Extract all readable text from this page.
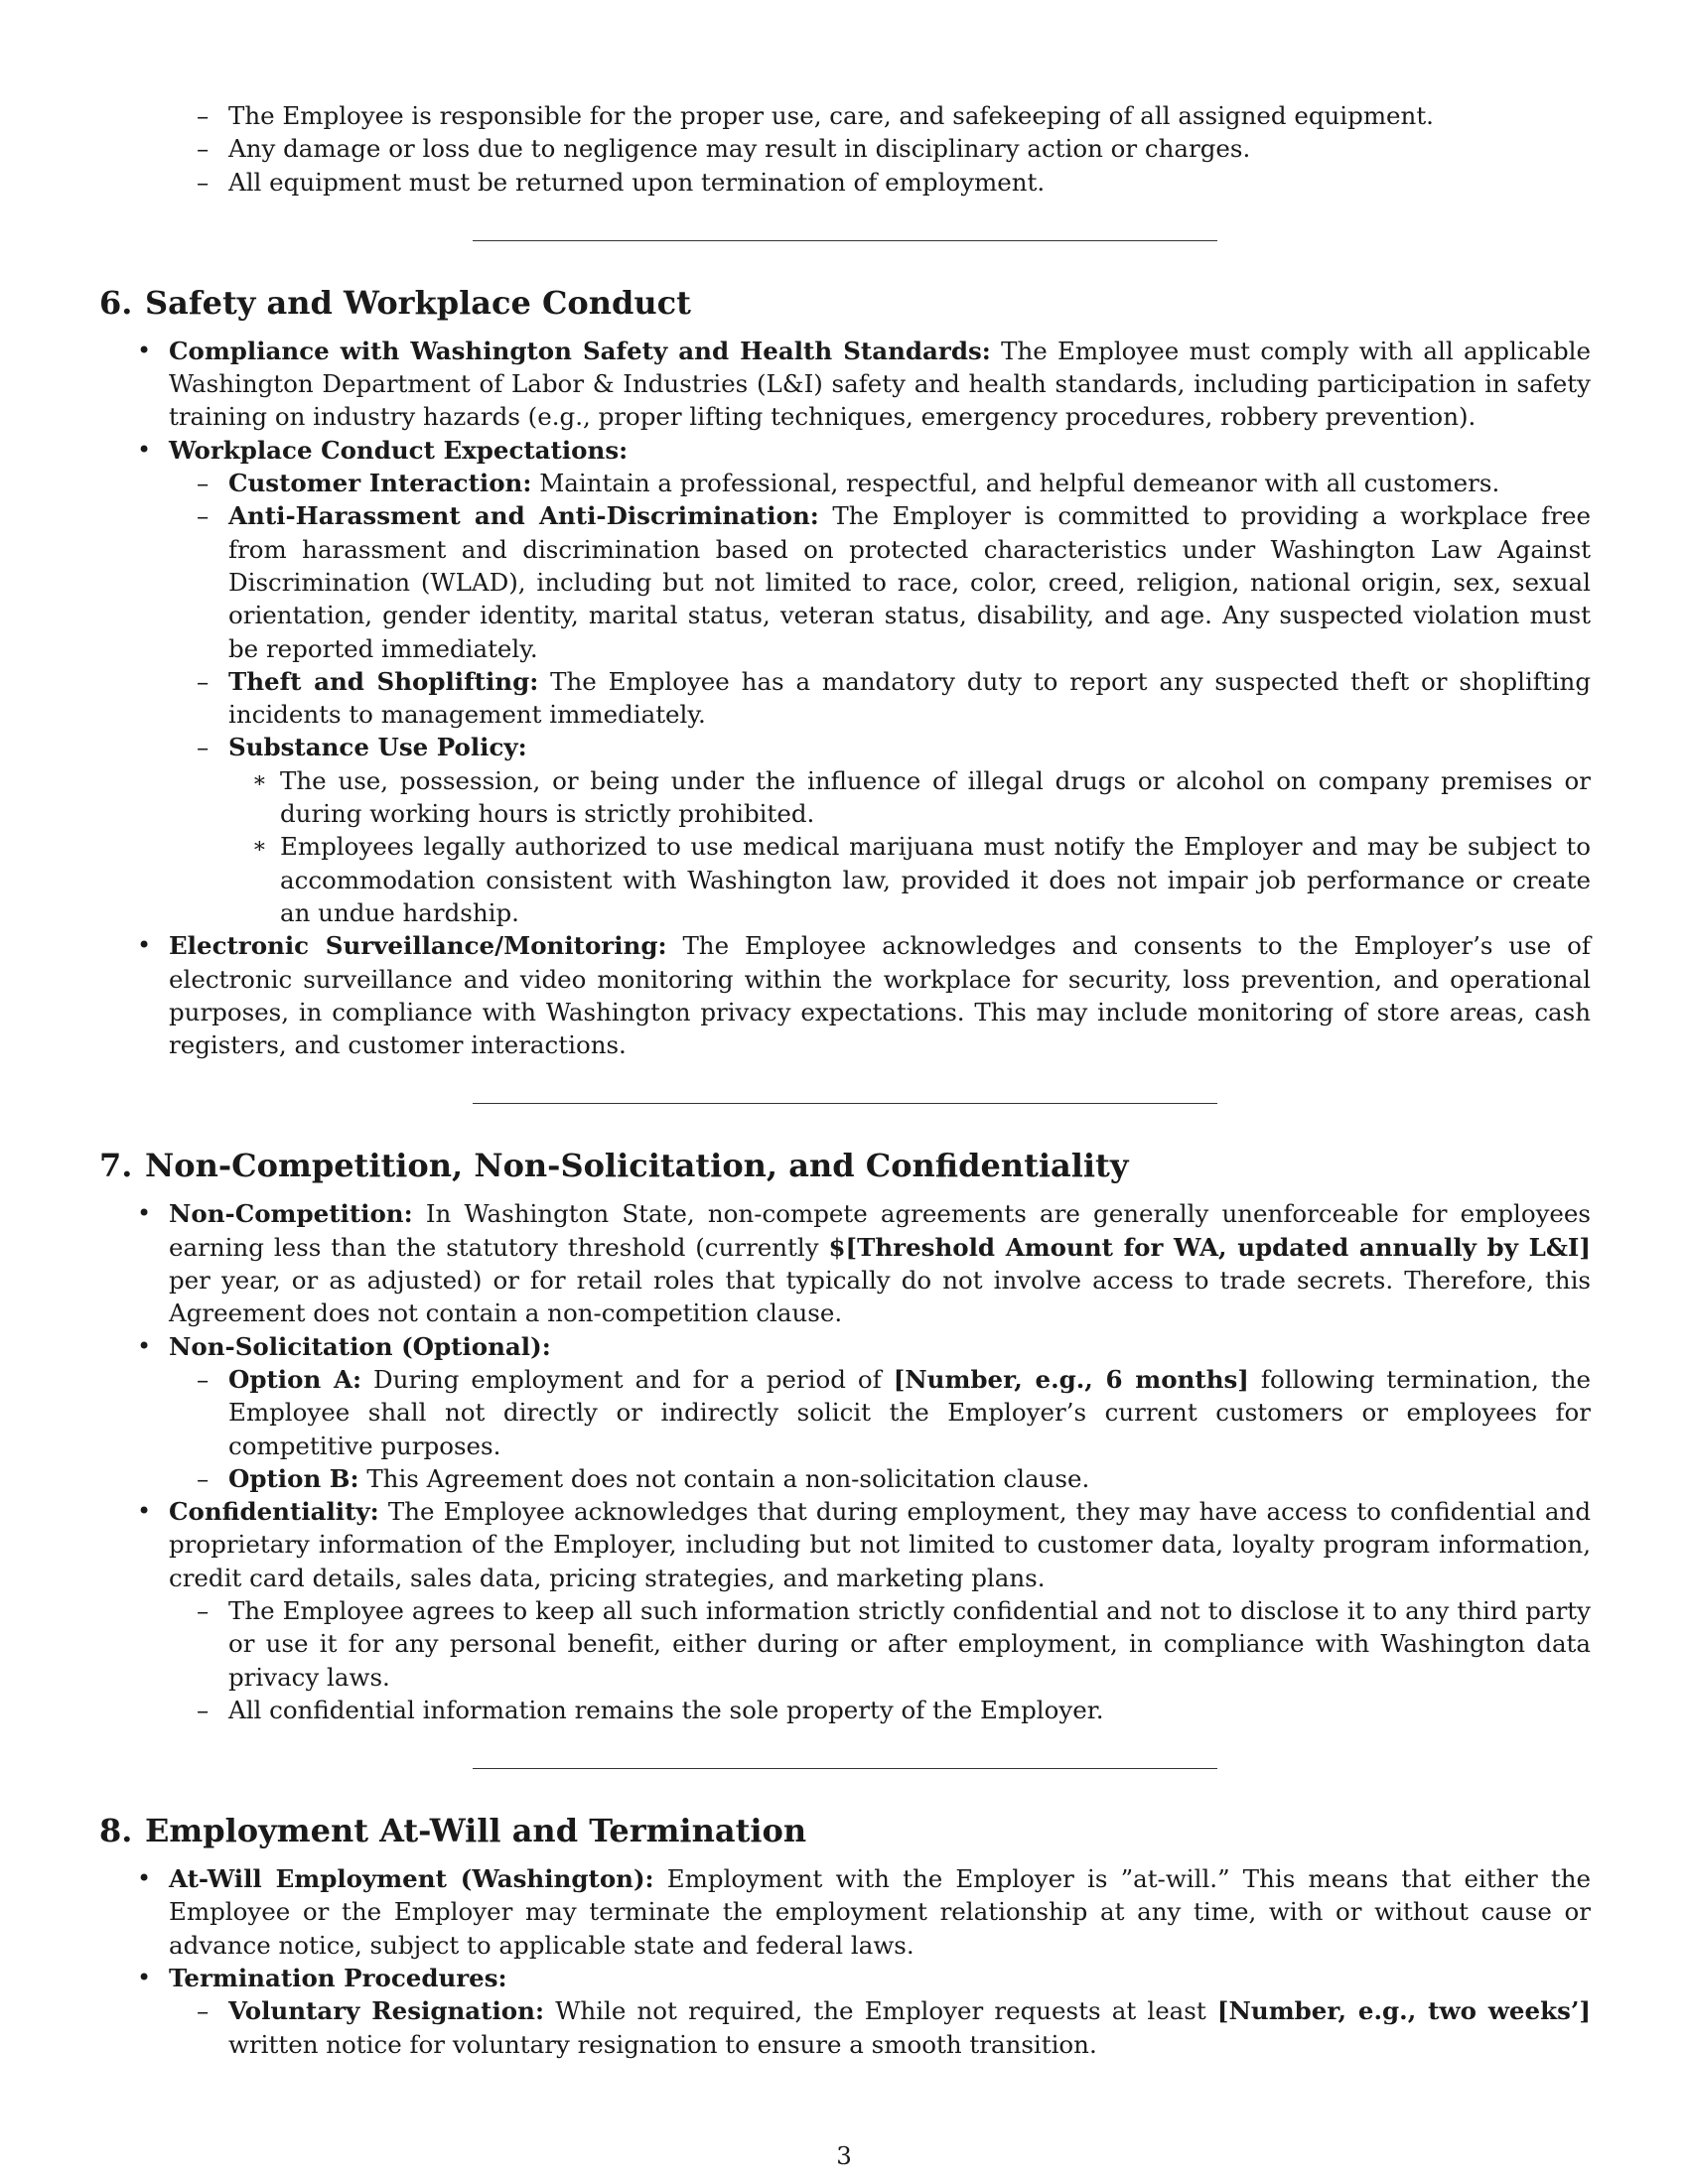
– The Employee is responsible for the proper use, care, and safekeeping of all assigned equipment.
– Any damage or loss due to negligence may result in disciplinary action or charges.
– All equipment must be returned upon termination of employment.
6. Safety and Workplace Conduct
• Compliance with Washington Safety and Health Standards: The Employee must comply with all applicable Washington Department of Labor & Industries (L&I) safety and health standards, including participation in safety training on industry hazards (e.g., proper lifting techniques, emergency procedures, robbery prevention).
• Workplace Conduct Expectations:
– Customer Interaction: Maintain a professional, respectful, and helpful demeanor with all customers.
– Anti-Harassment and Anti-Discrimination: The Employer is committed to providing a workplace free from harassment and discrimination based on protected characteristics under Washington Law Against Discrimination (WLAD), including but not limited to race, color, creed, religion, national origin, sex, sexual orientation, gender identity, marital status, veteran status, disability, and age. Any suspected violation must be reported immediately.
– Theft and Shoplifting: The Employee has a mandatory duty to report any suspected theft or shoplifting incidents to management immediately.
– Substance Use Policy:
∗ The use, possession, or being under the influence of illegal drugs or alcohol on company premises or during working hours is strictly prohibited.
∗ Employees legally authorized to use medical marijuana must notify the Employer and may be subject to accommodation consistent with Washington law, provided it does not impair job performance or create an undue hardship.
• Electronic Surveillance/Monitoring: The Employee acknowledges and consents to the Employer’s use of electronic surveillance and video monitoring within the workplace for security, loss prevention, and operational purposes, in compliance with Washington privacy expectations. This may include monitoring of store areas, cash registers, and customer interactions.
7. Non-Competition, Non-Solicitation, and Confidentiality
• Non-Competition: In Washington State, non-compete agreements are generally unenforceable for employees earning less than the statutory threshold (currently $[Threshold Amount for WA, updated annually by L&I] per year, or as adjusted) or for retail roles that typically do not involve access to trade secrets. Therefore, this Agreement does not contain a non-competition clause.
• Non-Solicitation (Optional):
– Option A: During employment and for a period of [Number, e.g., 6 months] following termination, the Employee shall not directly or indirectly solicit the Employer’s current customers or employees for competitive purposes.
– Option B: This Agreement does not contain a non-solicitation clause.
• Confidentiality: The Employee acknowledges that during employment, they may have access to confidential and proprietary information of the Employer, including but not limited to customer data, loyalty program information, credit card details, sales data, pricing strategies, and marketing plans.
– The Employee agrees to keep all such information strictly confidential and not to disclose it to any third party or use it for any personal benefit, either during or after employment, in compliance with Washington data privacy laws.
– All confidential information remains the sole property of the Employer.
8. Employment At-Will and Termination
• At-Will Employment (Washington): Employment with the Employer is ”at-will.” This means that either the Employee or the Employer may terminate the employment relationship at any time, with or without cause or advance notice, subject to applicable state and federal laws.
• Termination Procedures:
– Voluntary Resignation: While not required, the Employer requests at least [Number, e.g., two weeks’] written notice for voluntary resignation to ensure a smooth transition.
3
